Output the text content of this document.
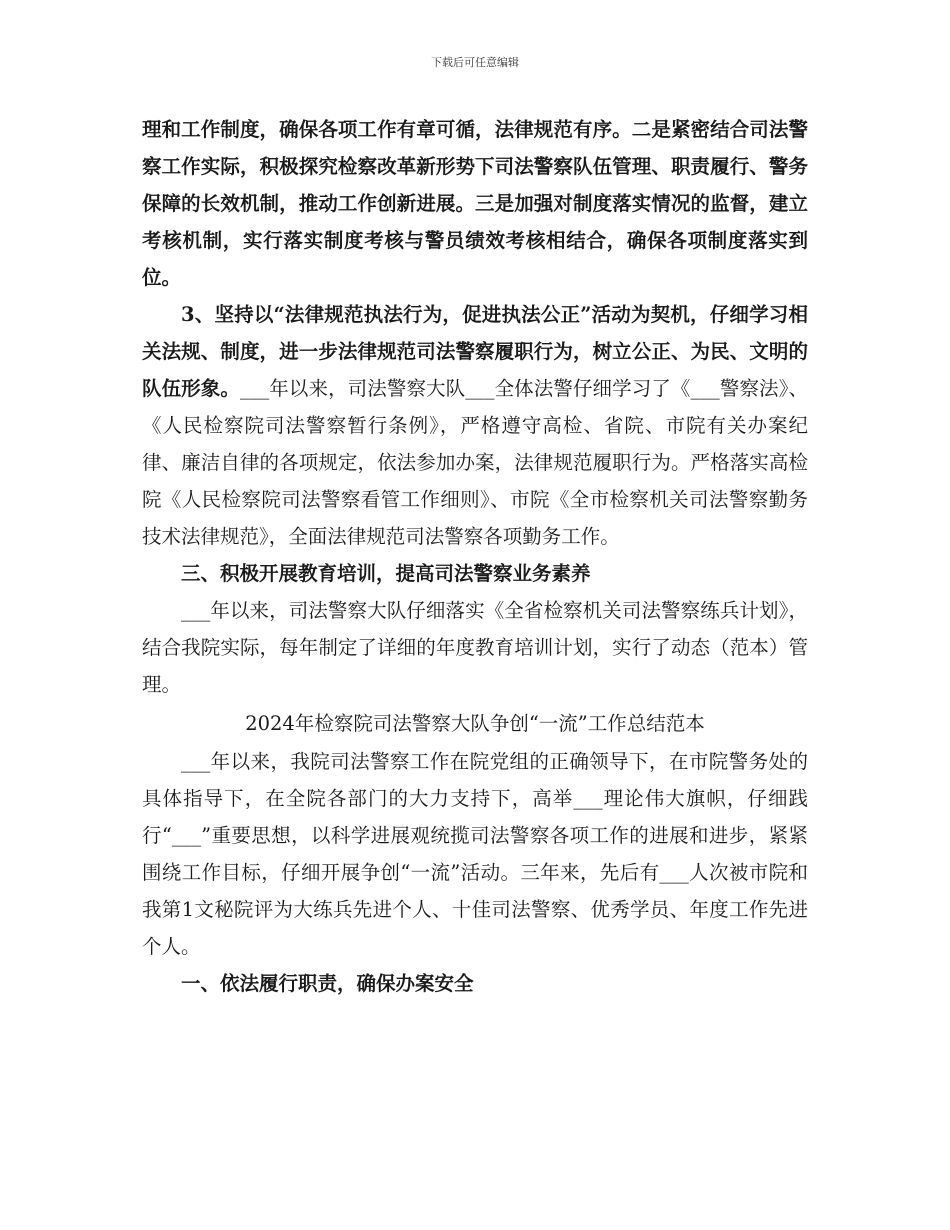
下载后可任意编辑

理和工作制度，确保各项工作有章可循，法律规范有序。二是紧密结合司法警察工作实际，积极探究检察改革新形势下司法警察队伍管理、职责履行、警务保障的长效机制，推动工作创新进展。三是加强对制度落实情况的监督，建立考核机制，实行落实制度考核与警员绩效考核相结合，确保各项制度落实到位。

3、坚持以“法律规范执法行为，促进执法公正”活动为契机，仔细学习相关法规、制度，进一步法律规范司法警察履职行为，树立公正、为民、文明的队伍形象。___年以来，司法警察大队___全体法警仔细学习了《___警察法》、《人民检察院司法警察暂行条例》，严格遵守高检、省院、市院有关办案纪律、廉洁自律的各项规定，依法参加办案，法律规范履职行为。严格落实高检院《人民检察院司法警察看管工作细则》、市院《全市检察机关司法警察勤务技术法律规范》，全面法律规范司法警察各项勤务工作。

三、积极开展教育培训，提高司法警察业务素养

___年以来，司法警察大队仔细落实《全省检察机关司法警察练兵计划》，结合我院实际，每年制定了详细的年度教育培训计划，实行了动态（范本）管理。

2024年检察院司法警察大队争创“一流”工作总结范本

___年以来，我院司法警察工作在院党组的正确领导下，在市院警务处的具体指导下，在全院各部门的大力支持下，高举___理论伟大旗帜，仔细践行“___”重要思想，以科学进展观统揽司法警察各项工作的进展和进步，紧紧围绕工作目标，仔细开展争创“一流”活动。三年来，先后有___人次被市院和我第1文秘院评为大练兵先进个人、十佳司法警察、优秀学员、年度工作先进个人。

一、依法履行职责，确保办案安全
